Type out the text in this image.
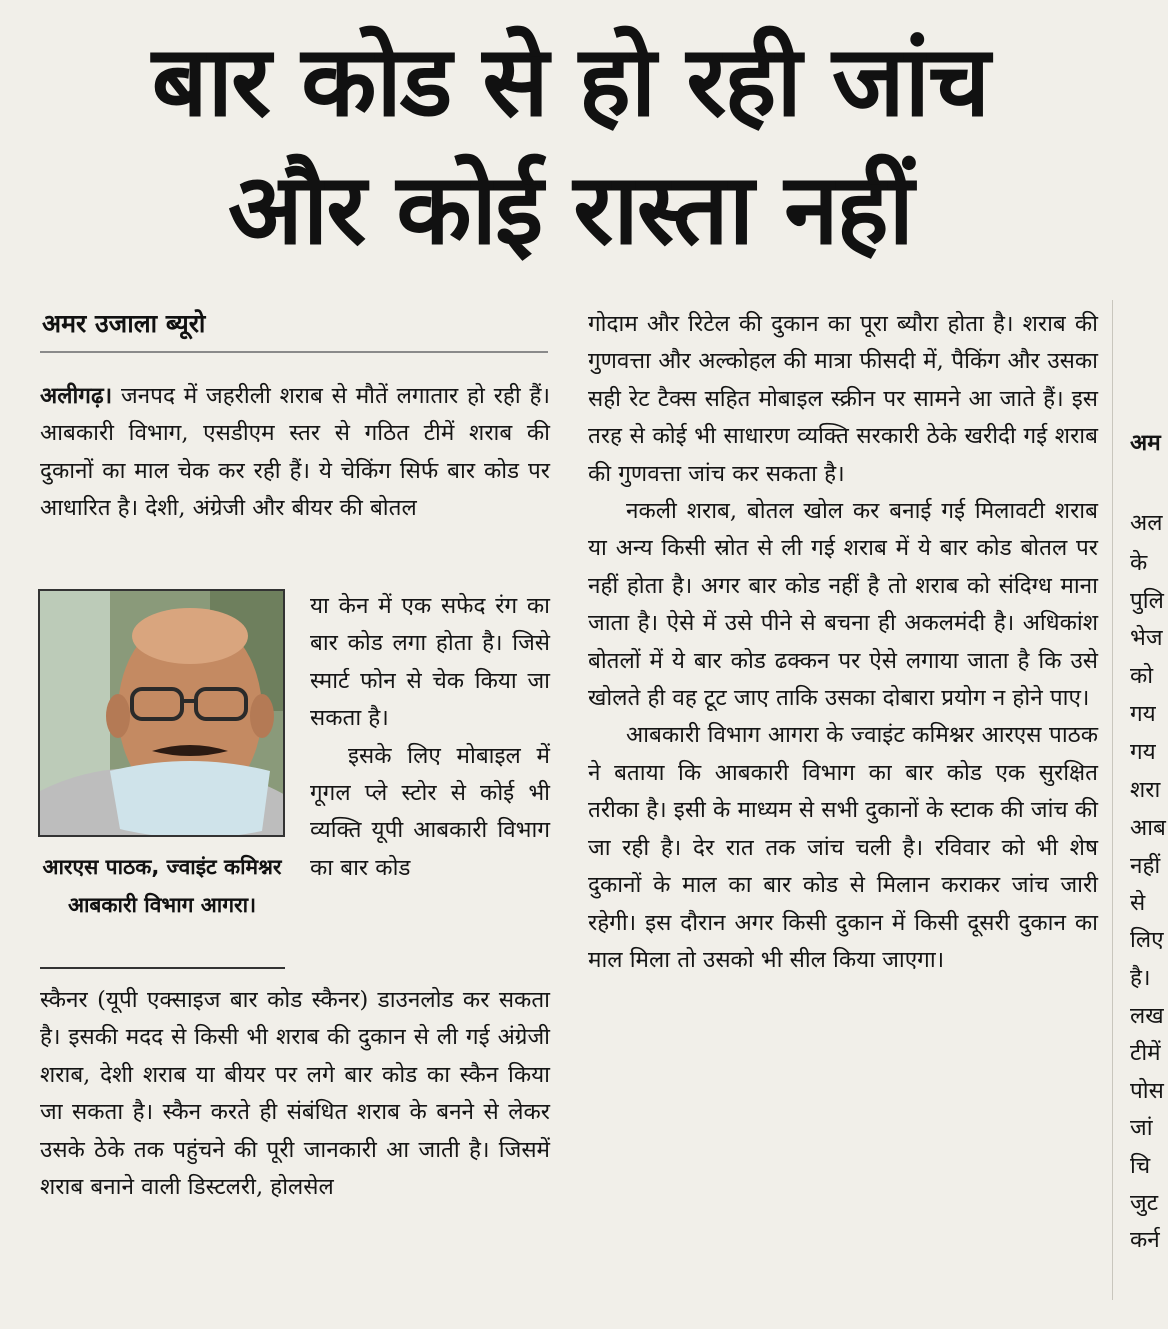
बार कोड से हो रही जांच
और कोई रास्ता नहीं
अमर उजाला ब्यूरो

अलीगढ़। जनपद में जहरीली शराब से मौतें लगातार हो रही हैं। आबकारी विभाग, एसडीएम स्तर से गठित टीमें शराब की दुकानों का माल चेक कर रही हैं। ये चेकिंग सिर्फ बार कोड पर आधारित है। देशी, अंग्रेजी और बीयर की बोतल

या केन में एक सफेद रंग का बार कोड लगा होता है। जिसे स्मार्ट फोन से चेक किया जा सकता है।

इसके लिए मोबाइल में गूगल प्ले स्टोर से कोई भी व्यक्ति यूपी आबकारी विभाग का बार कोड

आरएस पाठक, ज्वाइंट कमिश्नर आबकारी विभाग आगरा।

स्कैनर (यूपी एक्साइज बार कोड स्कैनर) डाउनलोड कर सकता है। इसकी मदद से किसी भी शराब की दुकान से ली गई अंग्रेजी शराब, देशी शराब या बीयर पर लगे बार कोड का स्कैन किया जा सकता है। स्कैन करते ही संबंधित शराब के बनने से लेकर उसके ठेके तक पहुंचने की पूरी जानकारी आ जाती है। जिसमें शराब बनाने वाली डिस्टलरी, होलसेल

गोदाम और रिटेल की दुकान का पूरा ब्यौरा होता है। शराब की गुणवत्ता और अल्कोहल की मात्रा फीसदी में, पैकिंग और उसका सही रेट टैक्स सहित मोबाइल स्क्रीन पर सामने आ जाते हैं। इस तरह से कोई भी साधारण व्यक्ति सरकारी ठेके खरीदी गई शराब की गुणवत्ता जांच कर सकता है।

नकली शराब, बोतल खोल कर बनाई गई मिलावटी शराब या अन्य किसी स्रोत से ली गई शराब में ये बार कोड बोतल पर नहीं होता है। अगर बार कोड नहीं है तो शराब को संदिग्ध माना जाता है। ऐसे में उसे पीने से बचना ही अकलमंदी है। अधिकांश बोतलों में ये बार कोड ढक्कन पर ऐसे लगाया जाता है कि उसे खोलते ही वह टूट जाए ताकि उसका दोबारा प्रयोग न होने पाए।

आबकारी विभाग आगरा के ज्वाइंट कमिश्नर आरएस पाठक ने बताया कि आबकारी विभाग का बार कोड एक सुरक्षित तरीका है। इसी के माध्यम से सभी दुकानों के स्टाक की जांच की जा रही है। देर रात तक जांच चली है। रविवार को भी शेष दुकानों के माल का बार कोड से मिलान कराकर जांच जारी रहेगी। इस दौरान अगर किसी दुकान में किसी दूसरी दुकान का माल मिला तो उसको भी सील किया जाएगा।

अम
अल
के
पुलि
भेज
को
गय
गय
शरा
आब
नहीं
से
लिए
है।
लख
टीमें
पोस
जां
चि
जुट
कर्न
